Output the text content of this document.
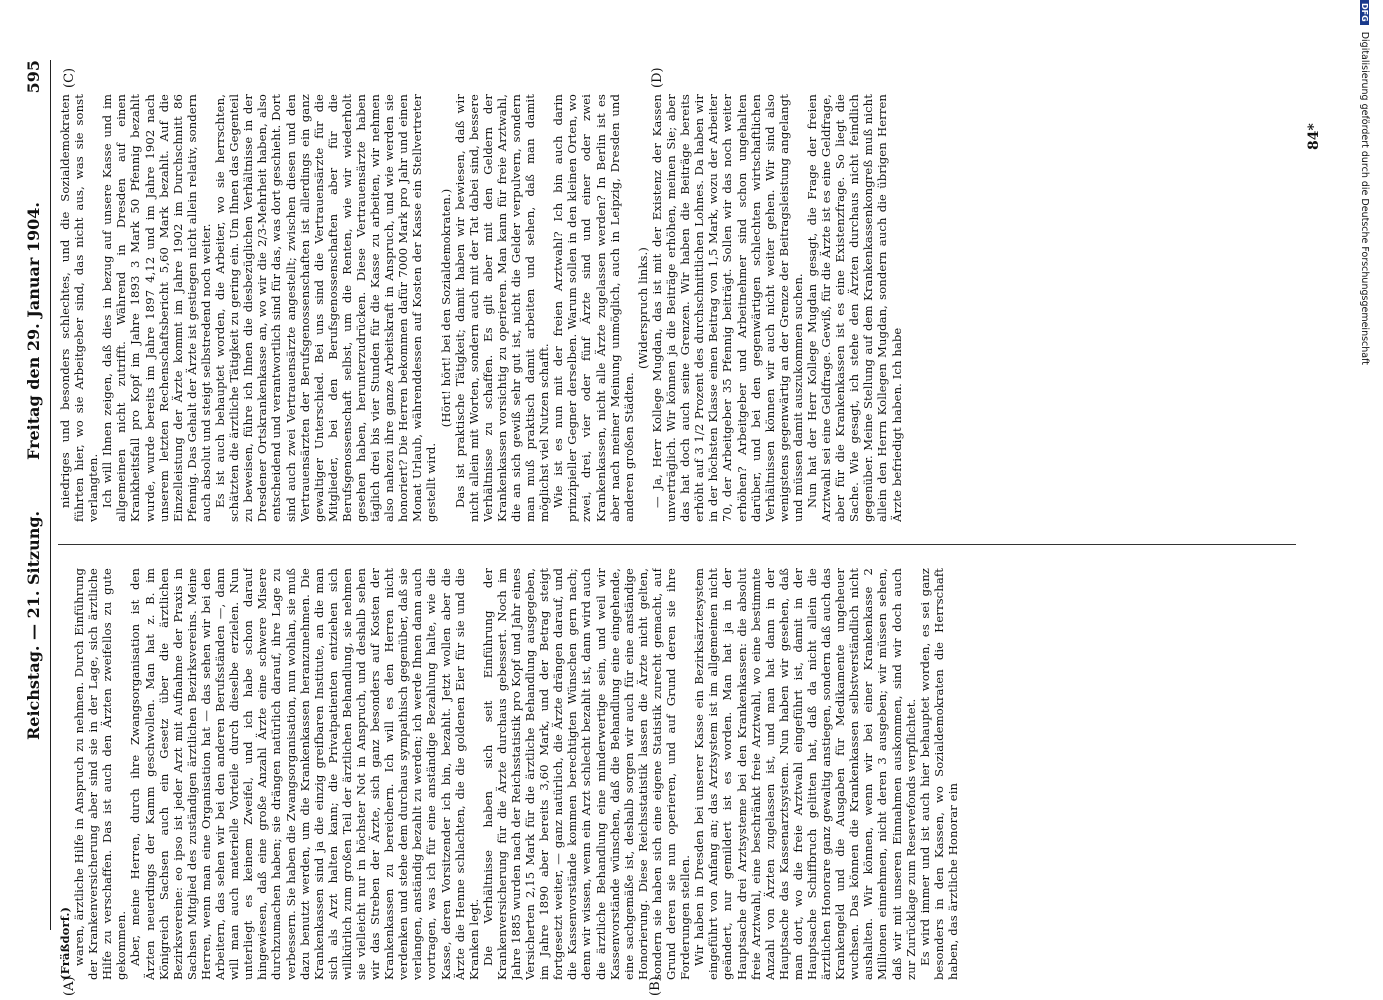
Reichstag. — 21. Sitzung.
Freitag den 29. Januar 1904.
595
(A)	(B)
(C)	(D)

(Fräßdorf.) waren, ärztliche Hilfe in Anspruch zu nehmen. Durch Einführung der Krankenversicherung aber sind sie in der Lage, sich ärztliche Hilfe zu verschaffen. Das ist auch den Ärzten zweifellos zu gute gekommen. Aber, meine Herren, durch ihre Zwangsorganisation ist den Ärzten neuerdings der Kamm geschwollen. Man hat z. B. im Königreich Sachsen auch ein Gesetz über die ärztlichen Bezirksvereine: eo ipso ist jeder Arzt mit Aufnahme der Praxis in Sachsen Mitglied des zuständigen ärztlichen Bezirksvereins. Meine Herren, wenn man eine Organisation hat — das sehen wir bei den Arbeitern, das sehen wir bei den anderen Berufsständen —, dann will man auch materielle Vorteile durch dieselbe erzielen. Nun unterliegt es keinem Zweifel, und ich habe schon darauf hingewiesen, daß eine große Anzahl Ärzte eine schwere Misere durchzumachen haben; sie drängen natürlich darauf, ihre Lage zu verbessern. Sie haben die Zwangsorganisation, nun wohlan, sie muß dazu benutzt werden, um die Krankenkassen heranzunehmen. Die Krankenkassen sind ja die einzig greifbaren Institute, an die man sich als Arzt halten kann; die Privatpatienten entziehen sich willkürlich zum großen Teil der ärztlichen Behandlung, sie nehmen sie vielleicht nur in höchster Not in Anspruch, und deshalb sehen wir das Streben der Ärzte, sich ganz besonders auf Kosten der Krankenkassen zu bereichern. Ich will es den Herren nicht verdenken und stehe dem durchaus sympathisch gegenüber, daß sie verlangen, anständig bezahlt zu werden; ich werde Ihnen dann auch vortragen, was ich für eine anständige Bezahlung halte, wie die Kasse, deren Vorsitzender ich bin, bezahlt. Jetzt wollen aber die Ärzte die Henne schlachten, die die goldenen Eier für sie und die Kranken legt. Die Verhältnisse haben sich seit Einführung der Krankenversicherung für die Ärzte durchaus gebessert. Noch im Jahre 1885 wurden nach der Reichsstatistik pro Kopf und Jahr eines Versicherten 2,15 Mark für die ärztliche Behandlung ausgegeben, im Jahre 1890 aber bereits 3,60 Mark, und der Betrag steigt fortgesetzt weiter, — ganz natürlich, die Ärzte drängen darauf, und die Kassenvorstände kommen berechtigten Wünschen gern nach; denn wir wissen, wenn ein Arzt schlecht bezahlt ist, dann wird auch die ärztliche Behandlung eine minderwertige sein, und weil wir Kassenvorstände wünschen, daß die Behandlung eine eingehende, eine sachgemäße ist, deshalb sorgen wir auch für eine anständige Honorierung. Diese Reichsstatistik lassen die Ärzte nicht gelten, sondern sie haben sich eine eigene Statistik zurecht gemacht, auf Grund deren sie nun operieren, und auf Grund deren sie ihre Forderungen stellen. Wir haben in Dresden bei unserer Kasse ein Bezirksärztesystem eingeführt von Anfang an; das Arztsystem ist im allgemeinen nicht geändert, nur gemildert ist es worden. Man hat ja in der Hauptsache drei Arztsysteme bei den Krankenkassen: die absolut freie Arztwahl, eine beschränkt freie Arztwahl, wo eine bestimmte Anzahl von Ärzten zugelassen ist, und man hat dann in der Hauptsache das Kassenarztsystem. Nun haben wir gesehen, daß man dort, wo die freie Arztwahl eingeführt ist, damit in der Hauptsache Schiffbruch gelitten hat, daß da nicht allein die ärztlichen Honorare ganz gewaltig anstiegen, sondern daß auch das Krankengeld und die Ausgaben für Medikamente ungeheuer wuchsen. Das können die Krankenkassen selbstverständlich nicht aushalten. Wir können, wenn wir bei einer Krankenkasse 2 Millionen einnehmen, nicht deren 3 ausgeben; wir müssen sehen, daß wir mit unseren Einnahmen auskommen, sind wir doch auch zur Zurücklage zum Reservefonds verpflichtet. Es wird immer und ist auch hier behauptet worden, es sei ganz besonders in den Kassen, wo Sozialdemokraten die Herrschaft haben, das ärztliche Honorar ein

niedriges und besonders schlechtes, und die Sozialdemokraten führten hier, wo sie Arbeitgeber sind, das nicht aus, was sie sonst verlangten. Ich will Ihnen zeigen, daß dies in bezug auf unsere Kasse und im allgemeinen nicht zutrifft. Während in Dresden auf einen Krankheitsfall pro Kopf im Jahre 1893 3 Mark 50 Pfennig bezahlt wurde, wurde bereits im Jahre 1897 4,12 und im Jahre 1902 nach unserem letzten Rechenschaftsbericht 5,60 Mark bezahlt. Auf die Einzelleistung der Ärzte kommt im Jahre 1902 im Durchschnitt 86 Pfennig. Das Gehalt der Ärzte ist gestiegen nicht allein relativ, sondern auch absolut und steigt selbstredend noch weiter. Es ist auch behauptet worden, die Arbeiter, wo sie herrschten, schätzten die ärztliche Tätigkeit zu gering ein. Um Ihnen das Gegenteil zu beweisen, führe ich Ihnen die diesbezüglichen Verhältnisse in der Dresdener Ortskrankenkasse an, wo wir die 2/3-Mehrheit haben, also entscheidend und verantwortlich sind für das, was dort geschieht. Dort sind auch zwei Vertrauensärzte angestellt; zwischen diesen und den Vertrauensärzten der Berufsgenossenschaften ist allerdings ein ganz gewaltiger Unterschied. Bei uns sind die Vertrauensärzte für die Mitglieder, bei den Berufsgenossenschaften aber für die Berufsgenossenschaft selbst, um die Renten, wie wir wiederholt gesehen haben, herunterzudrücken. Diese Vertrauensärzte haben täglich drei bis vier Stunden für die Kasse zu arbeiten, wir nehmen also nahezu ihre ganze Arbeitskraft in Anspruch, und wie werden sie honoriert? Die Herren bekommen dafür 7000 Mark pro Jahr und einen Monat Urlaub, währenddessen auf Kosten der Kasse ein Stellvertreter gestellt wird.

(Hört! hört! bei den Sozialdemokraten.) Das ist praktische Tätigkeit; damit haben wir bewiesen, daß wir nicht allein mit Worten, sondern auch mit der Tat dabei sind, bessere Verhältnisse zu schaffen. Es gilt aber mit den Geldern der Krankenkassen vorsichtig zu operieren. Man kann für freie Arztwahl, die an sich gewiß sehr gut ist, nicht die Gelder verpulvern, sondern man muß praktisch damit arbeiten und sehen, daß man damit möglichst viel Nutzen schafft. Wie ist es nun mit der freien Arztwahl? Ich bin auch darin prinzipieller Gegner derselben. Warum sollen in den kleinen Orten, wo zwei, drei, vier oder fünf Ärzte sind und einer oder zwei Krankenkassen, nicht alle Ärzte zugelassen werden? In Berlin ist es aber nach meiner Meinung unmöglich, auch in Leipzig, Dresden und anderen großen Städten.

(Widerspruch links.) — Ja, Herr Kollege Mugdan, das ist mit der Existenz der Kassen unverträglich. Wir können ja die Beiträge erhöhen, meinen Sie; aber das hat doch auch seine Grenzen. Wir haben die Beiträge bereits erhöht auf 3 1/2 Prozent des durchschnittlichen Lohnes. Da haben wir in der höchsten Klasse einen Beitrag von 1,5 Mark, wozu der Arbeiter 70, der Arbeitgeber 35 Pfennig beiträgt. Sollen wir das noch weiter erhöhen? Arbeitgeber und Arbeitnehmer sind schon ungehalten darüber, und bei den gegenwärtigen schlechten wirtschaftlichen Verhältnissen können wir auch nicht weiter gehen. Wir sind also wenigstens gegenwärtig an der Grenze der Beitragsleistung angelangt und müssen damit auszukommen suchen. Nun hat der Herr Kollege Mugdan gesagt, die Frage der freien Arztwahl sei eine Geldfrage. Gewiß, für die Ärzte ist es eine Geldfrage, aber für die Krankenkassen ist es eine Existenzfrage. So liegt die Sache. Wie gesagt, ich stehe den Ärzten durchaus nicht feindlich gegenüber. Meine Stellung auf dem Krankenkassenkongreß muß nicht allein den Herrn Kollegen Mugdan, sondern auch die übrigen Herren Ärzte befriedigt haben. Ich habe

84*
DFG Digitalisierung gefördert durch die Deutsche Forschungsgemeinschaft
